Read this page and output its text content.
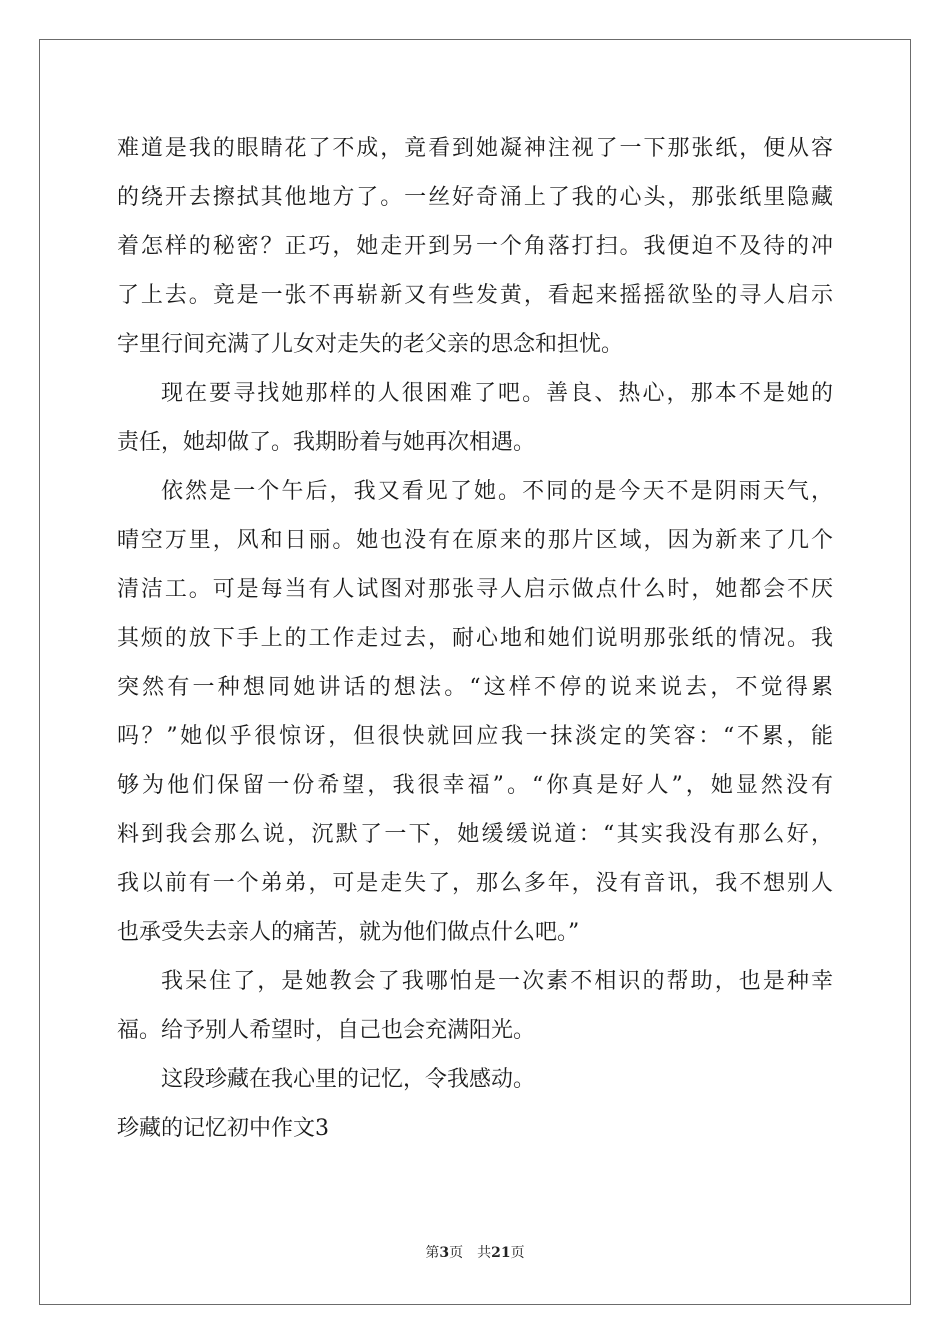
难道是我的眼睛花了不成，竟看到她凝神注视了一下那张纸，便从容
的绕开去擦拭其他地方了。一丝好奇涌上了我的心头，那张纸里隐藏
着怎样的秘密？正巧，她走开到另一个角落打扫。我便迫不及待的冲
了上去。竟是一张不再崭新又有些发黄，看起来摇摇欲坠的寻人启示
字里行间充满了儿女对走失的老父亲的思念和担忧。
现在要寻找她那样的人很困难了吧。善良、热心，那本不是她的
责任，她却做了。我期盼着与她再次相遇。
依然是一个午后，我又看见了她。不同的是今天不是阴雨天气，
晴空万里，风和日丽。她也没有在原来的那片区域，因为新来了几个
清洁工。可是每当有人试图对那张寻人启示做点什么时，她都会不厌
其烦的放下手上的工作走过去，耐心地和她们说明那张纸的情况。我
突然有一种想同她讲话的想法。“这样不停的说来说去，不觉得累
吗？”她似乎很惊讶，但很快就回应我一抹淡定的笑容：“不累，能
够为他们保留一份希望，我很幸福”。“你真是好人”，她显然没有
料到我会那么说，沉默了一下，她缓缓说道：“其实我没有那么好，
我以前有一个弟弟，可是走失了，那么多年，没有音讯，我不想别人
也承受失去亲人的痛苦，就为他们做点什么吧。”
我呆住了，是她教会了我哪怕是一次素不相识的帮助，也是种幸
福。给予别人希望时，自己也会充满阳光。
这段珍藏在我心里的记忆，令我感动。
珍藏的记忆初中作文3
第3页　共21页
